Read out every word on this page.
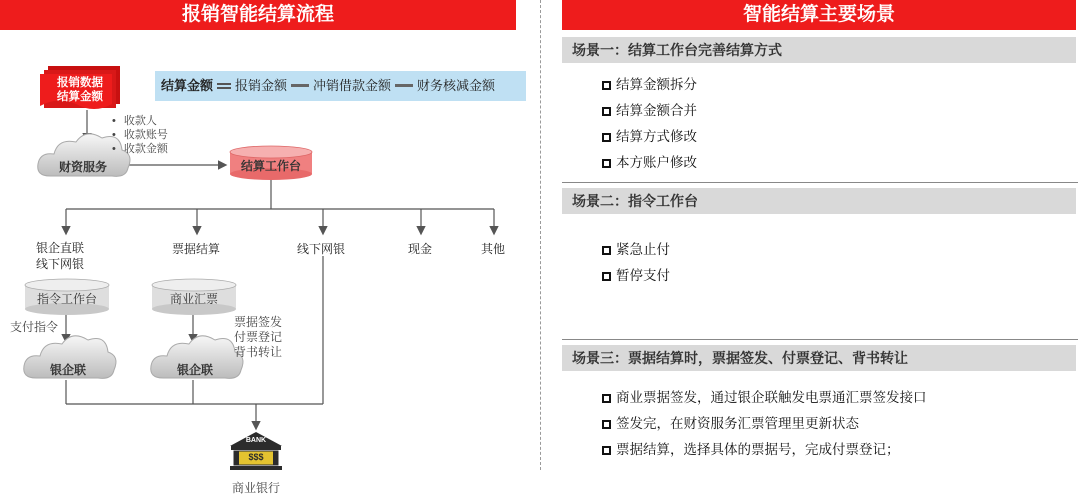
报销智能结算流程
报销数据
结算金额
结算金额 报销金额 冲销借款金额 财务核减金额
• 收款人
• 收款账号
• 收款金额
财资服务	结算工作台
银企直联
线下网银
票据结算	线下网银	现金	其他
指令工作台	商业汇票
支付指令	票据签发
付票登记
背书转让
银企联	银企联
BANK
$$$
商业银行
智能结算主要场景
场景一：结算工作台完善结算方式
结算金额拆分
结算金额合并
结算方式修改
本方账户修改
场景二：指令工作台
紧急止付
暂停支付
场景三：票据结算时，票据签发、付票登记、背书转让
商业票据签发，通过银企联触发电票通汇票签发接口
签发完，在财资服务汇票管理里更新状态
票据结算，选择具体的票据号，完成付票登记；
